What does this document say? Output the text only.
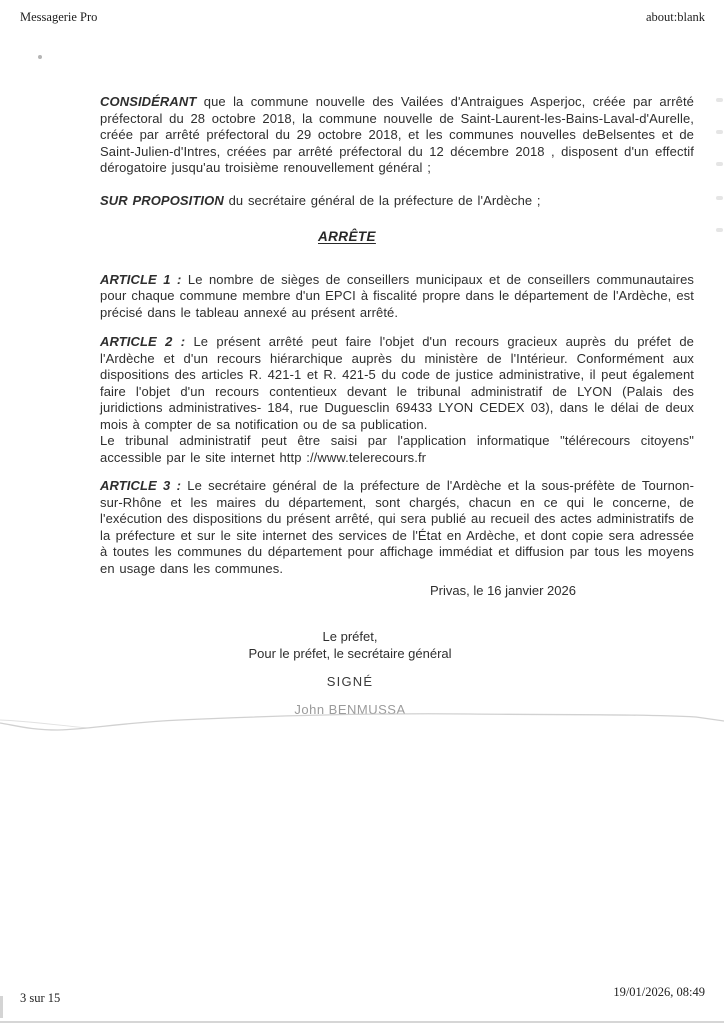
Messagerie Pro	about:blank

CONSIDÉRANT que la commune nouvelle des Vailées d'Antraigues Asperjoc, créée par arrêté préfectoral du 28 octobre 2018, la commune nouvelle de Saint-Laurent-les-Bains-Laval-d'Aurelle, créée par arrêté préfectoral du 29 octobre 2018, et les communes nouvelles deBelsentes et de Saint-Julien-d'Intres, créées par arrêté préfectoral du 12 décembre 2018 , disposent d'un effectif dérogatoire jusqu'au troisième renouvellement général ;

SUR PROPOSITION du secrétaire général de la préfecture de l'Ardèche ;

ARRÊTE

ARTICLE 1 : Le nombre de sièges de conseillers municipaux et de conseillers communautaires pour chaque commune membre d'un EPCI à fiscalité propre dans le département de l'Ardèche, est précisé dans le tableau annexé au présent arrêté.

ARTICLE 2 : Le présent arrêté peut faire l'objet d'un recours gracieux auprès du préfet de l'Ardèche et d'un recours hiérarchique auprès du ministère de l'Intérieur. Conformément aux dispositions des articles R. 421-1 et R. 421-5 du code de justice administrative, il peut également faire l'objet d'un recours contentieux devant le tribunal administratif de LYON (Palais des juridictions administratives- 184, rue Duguesclin 69433 LYON CEDEX 03), dans le délai de deux mois à compter de sa notification ou de sa publication.

Le tribunal administratif peut être saisi par l'application informatique "télérecours citoyens" accessible par le site internet http ://www.telerecours.fr

ARTICLE 3 : Le secrétaire général de la préfecture de l'Ardèche et la sous-préfète de Tournon-sur-Rhône et les maires du département, sont chargés, chacun en ce qui le concerne, de l'exécution des dispositions du présent arrêté, qui sera publié au recueil des actes administratifs de la préfecture et sur le site internet des services de l'État en Ardèche, et dont copie sera adressée à toutes les communes du département pour affichage immédiat et diffusion par tous les moyens en usage dans les communes.

Privas, le 16 janvier 2026
Le préfet,
Pour le préfet, le secrétaire général
SIGNÉ
John BENMUSSA
3 sur 15	19/01/2026, 08:49
